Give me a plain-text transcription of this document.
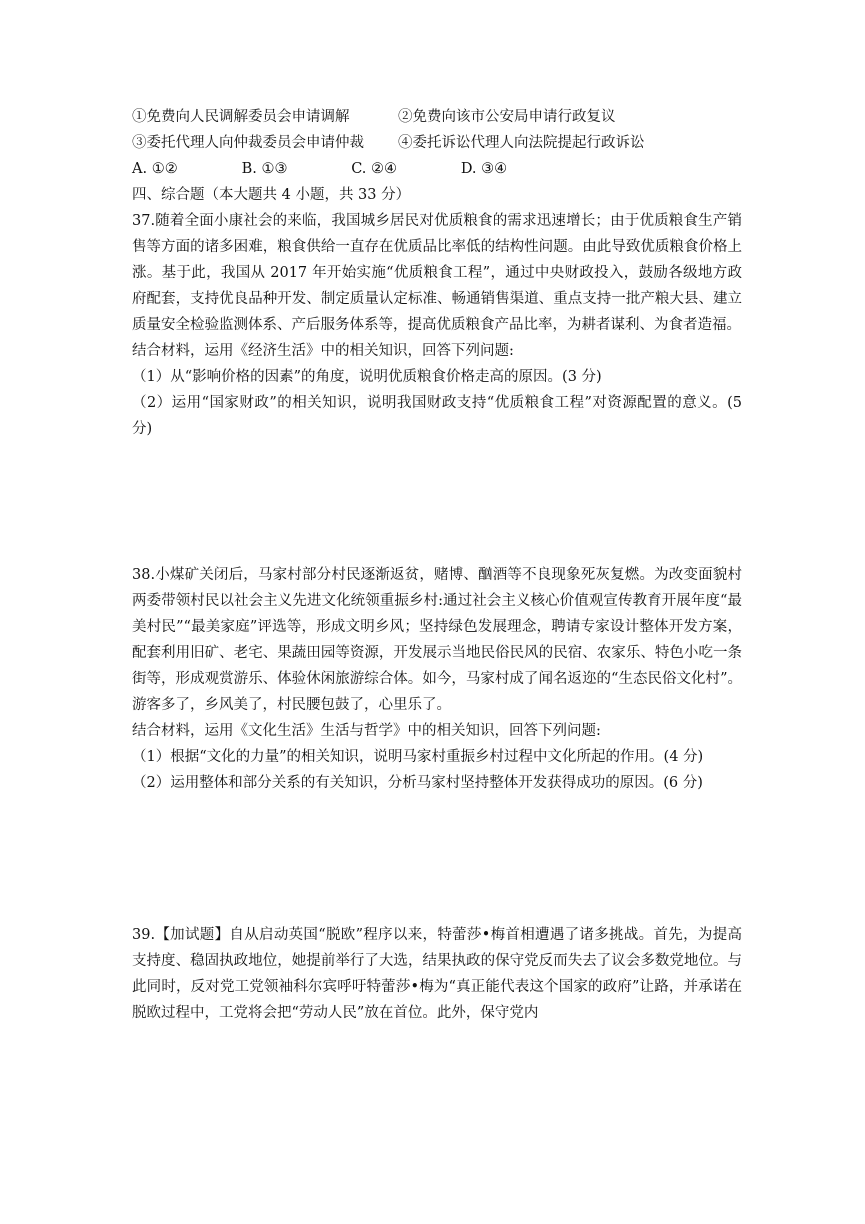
①免费向人民调解委员会申请调解	②免费向该市公安局申请行政复议
③委托代理人向仲裁委员会申请仲裁	④委托诉讼代理人向法院提起行政诉讼
A. ①②	B. ①③	C. ②④	D. ③④
四、综合题（本大题共 4 小题，共 33 分）
37.随着全面小康社会的来临，我国城乡居民对优质粮食的需求迅速增长；由于优质粮食生产销售等方面的诸多困难，粮食供给一直存在优质品比率低的结构性问题。由此导致优质粮食价格上涨。基于此，我国从 2017 年开始实施“优质粮食工程”，通过中央财政投入，鼓励各级地方政府配套，支持优良品种开发、制定质量认定标准、畅通销售渠道、重点支持一批产粮大县、建立质量安全检验监测体系、产后服务体系等，提高优质粮食产品比率，为耕者谋利、为食者造福。
结合材料，运用《经济生活》中的相关知识，回答下列问题:
（1）从“影响价格的因素”的角度，说明优质粮食价格走高的原因。(3 分)
（2）运用“国家财政”的相关知识，说明我国财政支持“优质粮食工程”对资源配置的意义。(5 分)
38.小煤矿关闭后，马家村部分村民逐渐返贫，赌博、酗酒等不良现象死灰复燃。为改变面貌村两委带领村民以社会主义先进文化统领重振乡村:通过社会主义核心价值观宣传教育开展年度“最美村民”“最美家庭”评选等，形成文明乡风；坚持绿色发展理念，聘请专家设计整体开发方案，配套利用旧矿、老宅、果蔬田园等资源，开发展示当地民俗民风的民宿、农家乐、特色小吃一条街等，形成观赏游乐、体验休闲旅游综合体。如今，马家村成了闻名返迩的“生态民俗文化村”。游客多了，乡风美了，村民腰包鼓了，心里乐了。
结合材料，运用《文化生活》生活与哲学》中的相关知识，回答下列问题:
（1）根据“文化的力量”的相关知识，说明马家村重振乡村过程中文化所起的作用。(4 分)
（2）运用整体和部分关系的有关知识，分析马家村坚持整体开发获得成功的原因。(6 分)
39.【加试题】自从启动英国“脱欧”程序以来，特蕾莎•梅首相遭遇了诸多挑战。首先，为提高支持度、稳固执政地位，她提前举行了大选，结果执政的保守党反而失去了议会多数党地位。与此同时，反对党工党领袖科尔宾呼吁特蕾莎•梅为“真正能代表这个国家的政府”让路，并承诺在脱欧过程中，工党将会把“劳动人民”放在首位。此外，保守党内
